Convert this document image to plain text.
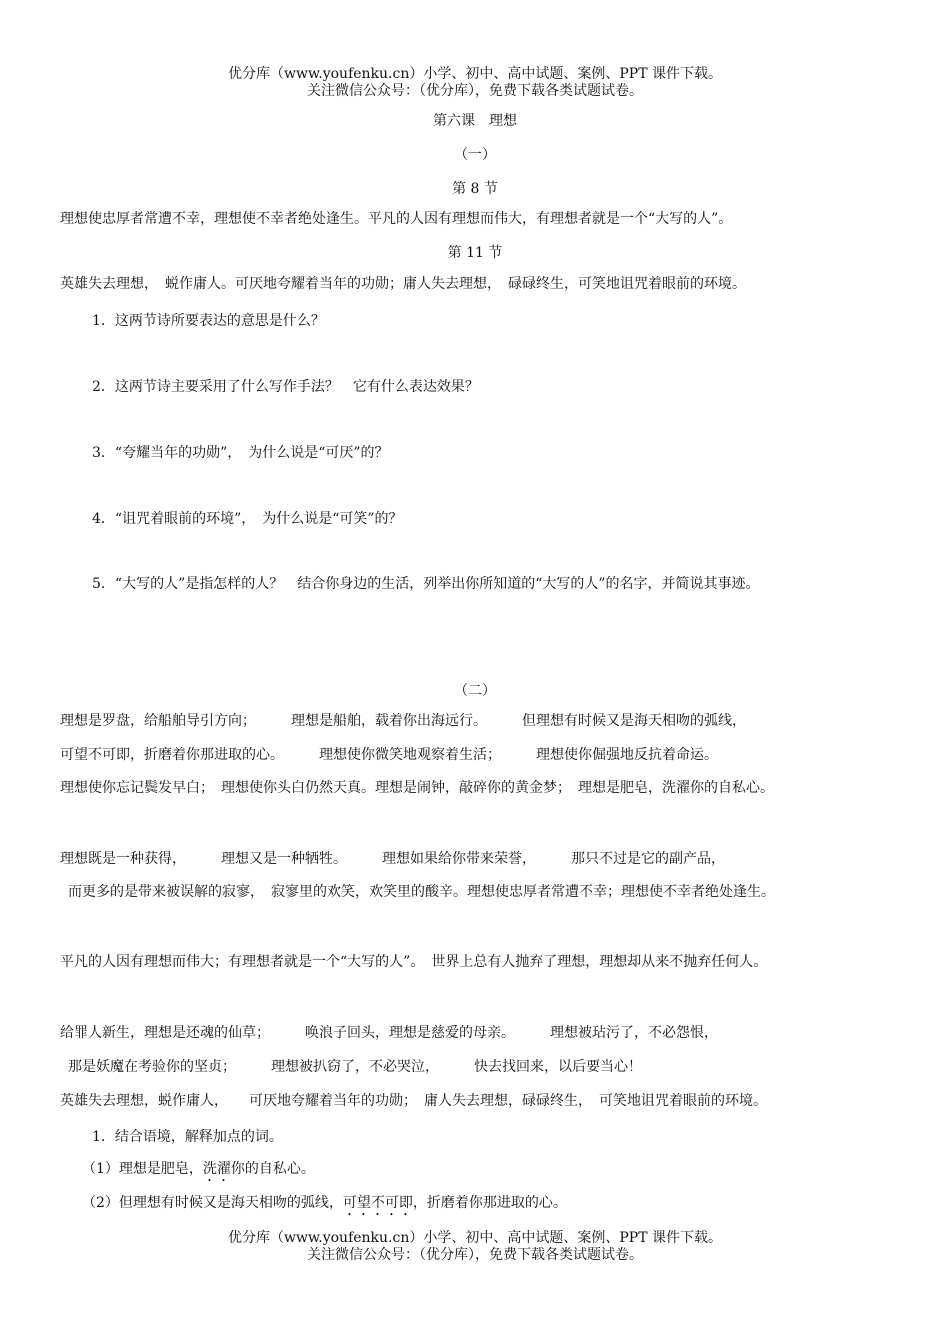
优分库（www.youfenku.cn）小学、初中、高中试题、案例、PPT 课件下载。
关注微信公众号：（优分库），免费下载各类试题试卷。
第六课　理想
（一）
第 8 节
理想使忠厚者常遭不幸，理想使不幸者绝处逢生。平凡的人因有理想而伟大，有理想者就是一个“大写的人”。
第 11 节
英雄失去理想，　蜕作庸人。可厌地夸耀着当年的功勋；庸人失去理想，　碌碌终生，可笑地诅咒着眼前的环境。
1．这两节诗所要表达的意思是什么？
2．这两节诗主要采用了什么写作手法？　它有什么表达效果？
3．“夸耀当年的功勋”，　为什么说是“可厌”的？
4．“诅咒着眼前的环境”，　为什么说是“可笑”的？
5．“大写的人”是指怎样的人？　结合你身边的生活，列举出你所知道的“大写的人”的名字，并简说其事迹。
（二）
理想是罗盘，给船舶导引方向；　　　理想是船舶，载着你出海远行。　　　但理想有时候又是海天相吻的弧线，
可望不可即，折磨着你那进取的心。　　　理想使你微笑地观察着生活；　　　理想使你倔强地反抗着命运。
理想使你忘记鬓发早白；　理想使你头白仍然天真。理想是闹钟，敲碎你的黄金梦；　理想是肥皂，洗濯你的自私心。
理想既是一种获得，　　　理想又是一种牺牲。　　　理想如果给你带来荣誉，　　　那只不过是它的副产品，
而更多的是带来被误解的寂寥，　寂寥里的欢笑，欢笑里的酸辛。理想使忠厚者常遭不幸；理想使不幸者绝处逢生。
平凡的人因有理想而伟大；有理想者就是一个“大写的人”。　世界上总有人抛弃了理想，理想却从来不抛弃任何人。
给罪人新生，理想是还魂的仙草；　　　唤浪子回头，理想是慈爱的母亲。　　　理想被玷污了，不必怨恨，
那是妖魔在考验你的坚贞；　　　理想被扒窃了，不必哭泣，　　　快去找回来，以后要当心！
英雄失去理想，蜕作庸人，　　可厌地夸耀着当年的功勋；　庸人失去理想，碌碌终生，　可笑地诅咒着眼前的环境。
1．结合语境，解释加点的词。
（1）理想是肥皂，洗濯你的自私心。
（2）但理想有时候又是海天相吻的弧线，可望不可即，折磨着你那进取的心。
优分库（www.youfenku.cn）小学、初中、高中试题、案例、PPT 课件下载。
关注微信公众号：（优分库），免费下载各类试题试卷。
